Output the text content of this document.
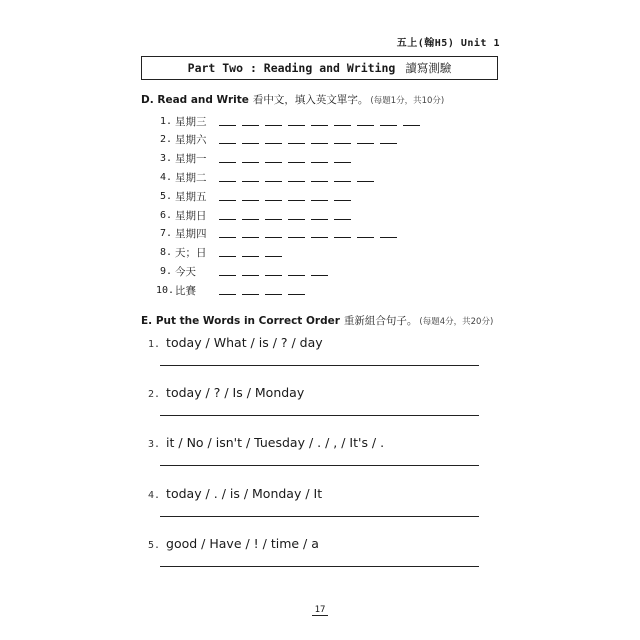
五上(翰H5) Unit 1
Part Two : Reading and Writing 讀寫測驗
D. Read and Write 看中文，填入英文單字。 (每題1分，共10分)
1. 星期三
2. 星期六
3. 星期一
4. 星期二
5. 星期五
6. 星期日
7. 星期四
8. 天；日
9. 今天
10. 比賽
E. Put the Words in Correct Order 重新組合句子。 (每題4分，共20分)
1. today / What / is / ? / day
2. today / ? / Is / Monday
3. it / No / isn't / Tuesday / . / , / It's / .
4. today / . / is / Monday / It
5. good / Have / ! / time / a
17
